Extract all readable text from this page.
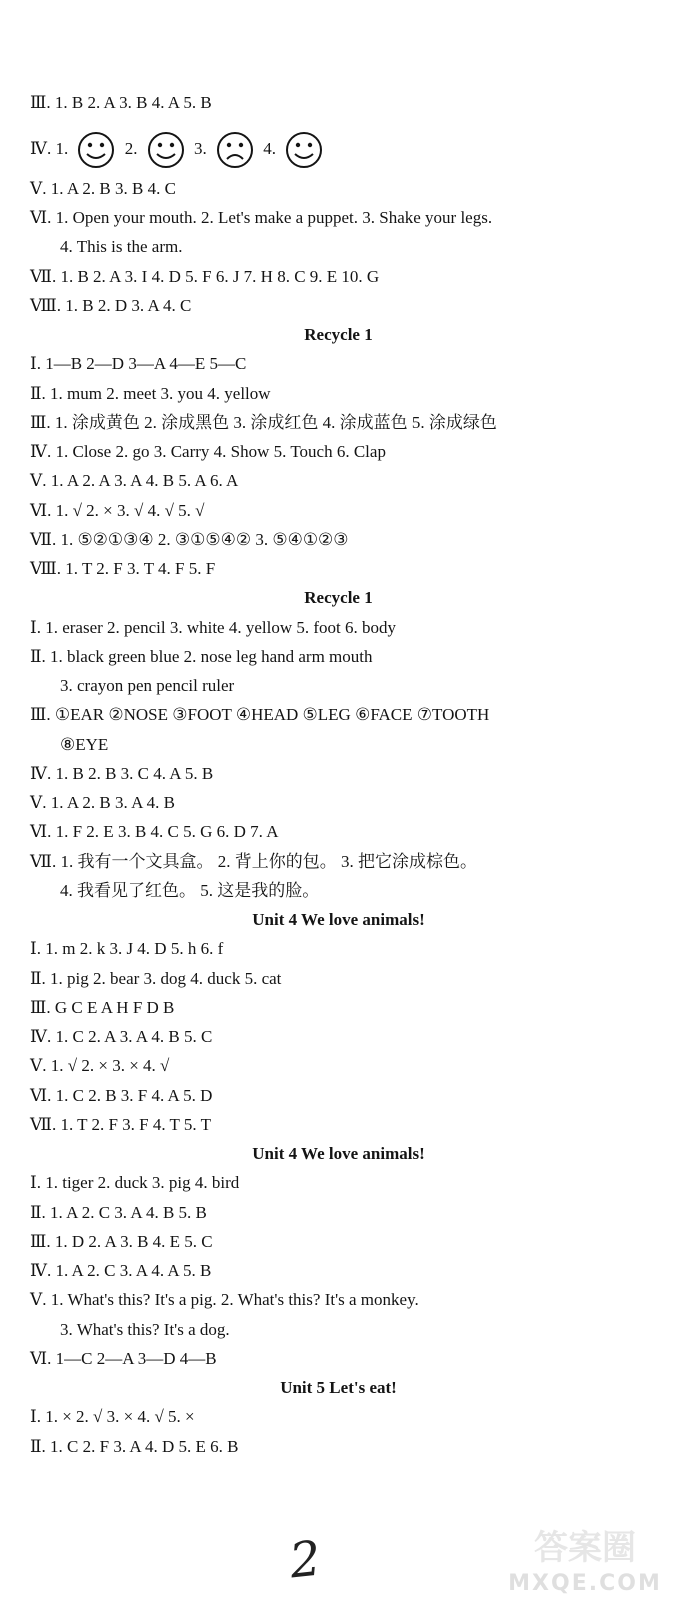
Ⅲ. 1. B 2. A 3. B 4. A 5. B
Ⅳ. 1.	2.	3.	4.
Ⅴ. 1. A 2. B 3. B 4. C
Ⅵ. 1. Open your mouth. 2. Let's make a puppet. 3. Shake your legs.
4. This is the arm.
Ⅶ. 1. B 2. A 3. I 4. D 5. F 6. J 7. H 8. C 9. E 10. G
Ⅷ. 1. B 2. D 3. A 4. C
Recycle 1
Ⅰ. 1—B 2—D 3—A 4—E 5—C
Ⅱ. 1. mum 2. meet 3. you 4. yellow
Ⅲ. 1. 涂成黄色 2. 涂成黑色 3. 涂成红色 4. 涂成蓝色 5. 涂成绿色
Ⅳ. 1. Close 2. go 3. Carry 4. Show 5. Touch 6. Clap
Ⅴ. 1. A 2. A 3. A 4. B 5. A 6. A
Ⅵ. 1. √ 2. × 3. √ 4. √ 5. √
Ⅶ. 1. ⑤②①③④ 2. ③①⑤④② 3. ⑤④①②③
Ⅷ. 1. T 2. F 3. T 4. F 5. F
Recycle 1
Ⅰ. 1. eraser 2. pencil 3. white 4. yellow 5. foot 6. body
Ⅱ. 1. black green blue 2. nose leg hand arm mouth
3. crayon pen pencil ruler
Ⅲ. ①EAR ②NOSE ③FOOT ④HEAD ⑤LEG ⑥FACE ⑦TOOTH
⑧EYE
Ⅳ. 1. B 2. B 3. C 4. A 5. B
Ⅴ. 1. A 2. B 3. A 4. B
Ⅵ. 1. F 2. E 3. B 4. C 5. G 6. D 7. A
Ⅶ. 1. 我有一个文具盒。 2. 背上你的包。 3. 把它涂成棕色。
4. 我看见了红色。 5. 这是我的脸。
Unit 4 We love animals!
Ⅰ. 1. m 2. k 3. J 4. D 5. h 6. f
Ⅱ. 1. pig 2. bear 3. dog 4. duck 5. cat
Ⅲ. G C E A H F D B
Ⅳ. 1. C 2. A 3. A 4. B 5. C
Ⅴ. 1. √ 2. × 3. × 4. √
Ⅵ. 1. C 2. B 3. F 4. A 5. D
Ⅶ. 1. T 2. F 3. F 4. T 5. T
Unit 4 We love animals!
Ⅰ. 1. tiger 2. duck 3. pig 4. bird
Ⅱ. 1. A 2. C 3. A 4. B 5. B
Ⅲ. 1. D 2. A 3. B 4. E 5. C
Ⅳ. 1. A 2. C 3. A 4. A 5. B
Ⅴ. 1. What's this? It's a pig. 2. What's this? It's a monkey.
3. What's this? It's a dog.
Ⅵ. 1—C 2—A 3—D 4—B
Unit 5 Let's eat!
Ⅰ. 1. × 2. √ 3. × 4. √ 5. ×
Ⅱ. 1. C 2. F 3. A 4. D 5. E 6. B
2	答案圈
MXQE.COM
